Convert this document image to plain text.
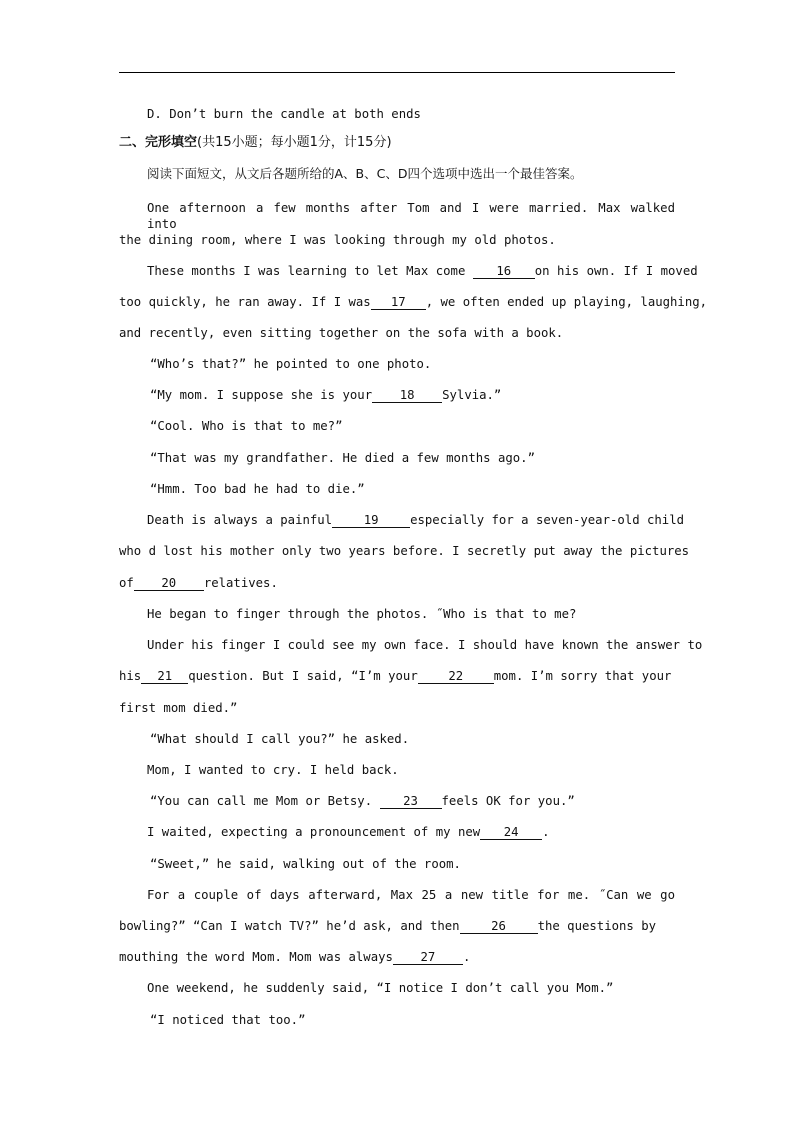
D. Don’t burn the candle at both ends
二、完形填空(共15小题；每小题1分，计15分)
阅读下面短文，从文后各题所给的A、B、C、D四个选项中选出一个最佳答案。
One afternoon a few months after Tom and I were married. Max walked into
the dining room, where I was looking through my old photos.
These months I was learning to let Max come 16 on his own. If I moved
too quickly, he ran away. If I was 17 , we often ended up playing, laughing,
and recently, even sitting together on the sofa with a book.
“Who’s that?” he pointed to one photo.
“My mom. I suppose she is your 18 Sylvia.”
“Cool. Who is that to me?”
“That was my grandfather. He died a few months ago.”
“Hmm. Too bad he had to die.”
Death is always a painful	19	especially for a seven-year-old child
who d lost his mother only two years before. I secretly put away the pictures
of 20 relatives.
He began to finger through the photos. ˝Who is that to me?
Under his finger I could see my own face. I should have known the answer to
his 21 question. But I said, “I’m your 22 mom. I’m sorry that your
first mom died.”
“What should I call you?” he asked.
Mom, I wanted to cry. I held back.
“You can call me Mom or Betsy. 23 feels OK for you.”
I waited, expecting a pronouncement of my new 24 .
“Sweet,” he said, walking out of the room.
For a couple of days afterward, Max 25 a new title for me. ˝Can we go
bowling?” “Can I watch TV?” he’d ask, and then	26	the questions by
mouthing the word Mom. Mom was always 27 .
One weekend, he suddenly said, “I notice I don’t call you Mom.”
“I noticed that too.”
